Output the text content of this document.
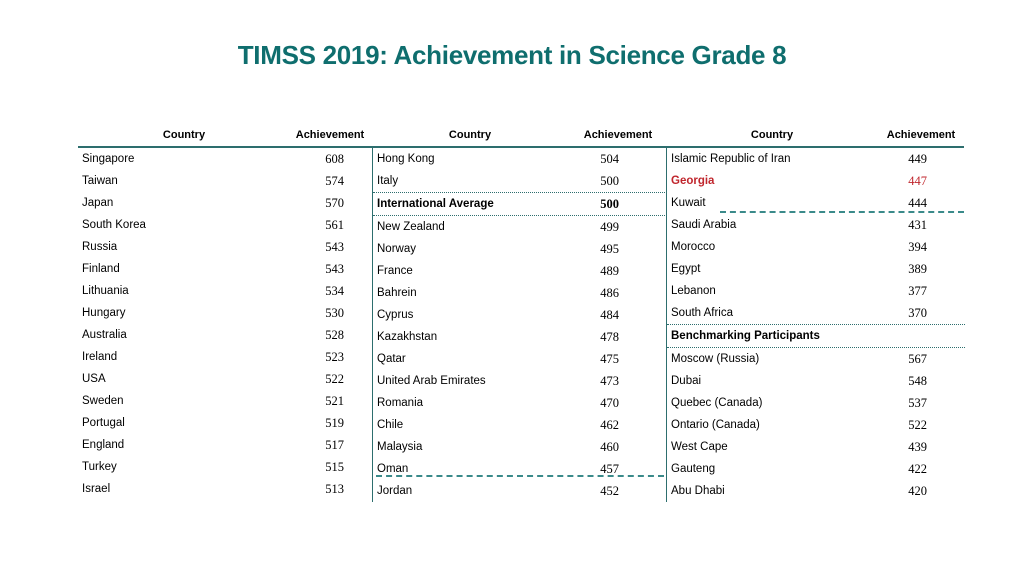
TIMSS 2019: Achievement in Science Grade 8
Country	Achievement	Country	Achievement	Country	Achievement
Singapore	608
Taiwan	574
Japan	570
South Korea	561
Russia	543
Finland	543
Lithuania	534
Hungary	530
Australia	528
Ireland	523
USA	522
Sweden	521
Portugal	519
England	517
Turkey	515
Israel	513
Hong Kong	504
Italy	500
International Average	500
New Zealand	499
Norway	495
France	489
Bahrein	486
Cyprus	484
Kazakhstan	478
Qatar	475
United Arab Emirates	473
Romania	470
Chile	462
Malaysia	460
Oman	457
Jordan	452
Islamic Republic of Iran	449
Georgia	447
Kuwait	444
Saudi Arabia	431
Morocco	394
Egypt	389
Lebanon	377
South Africa	370
Benchmarking Participants
Moscow (Russia)	567
Dubai	548
Quebec (Canada)	537
Ontario (Canada)	522
West Cape	439
Gauteng	422
Abu Dhabi	420
